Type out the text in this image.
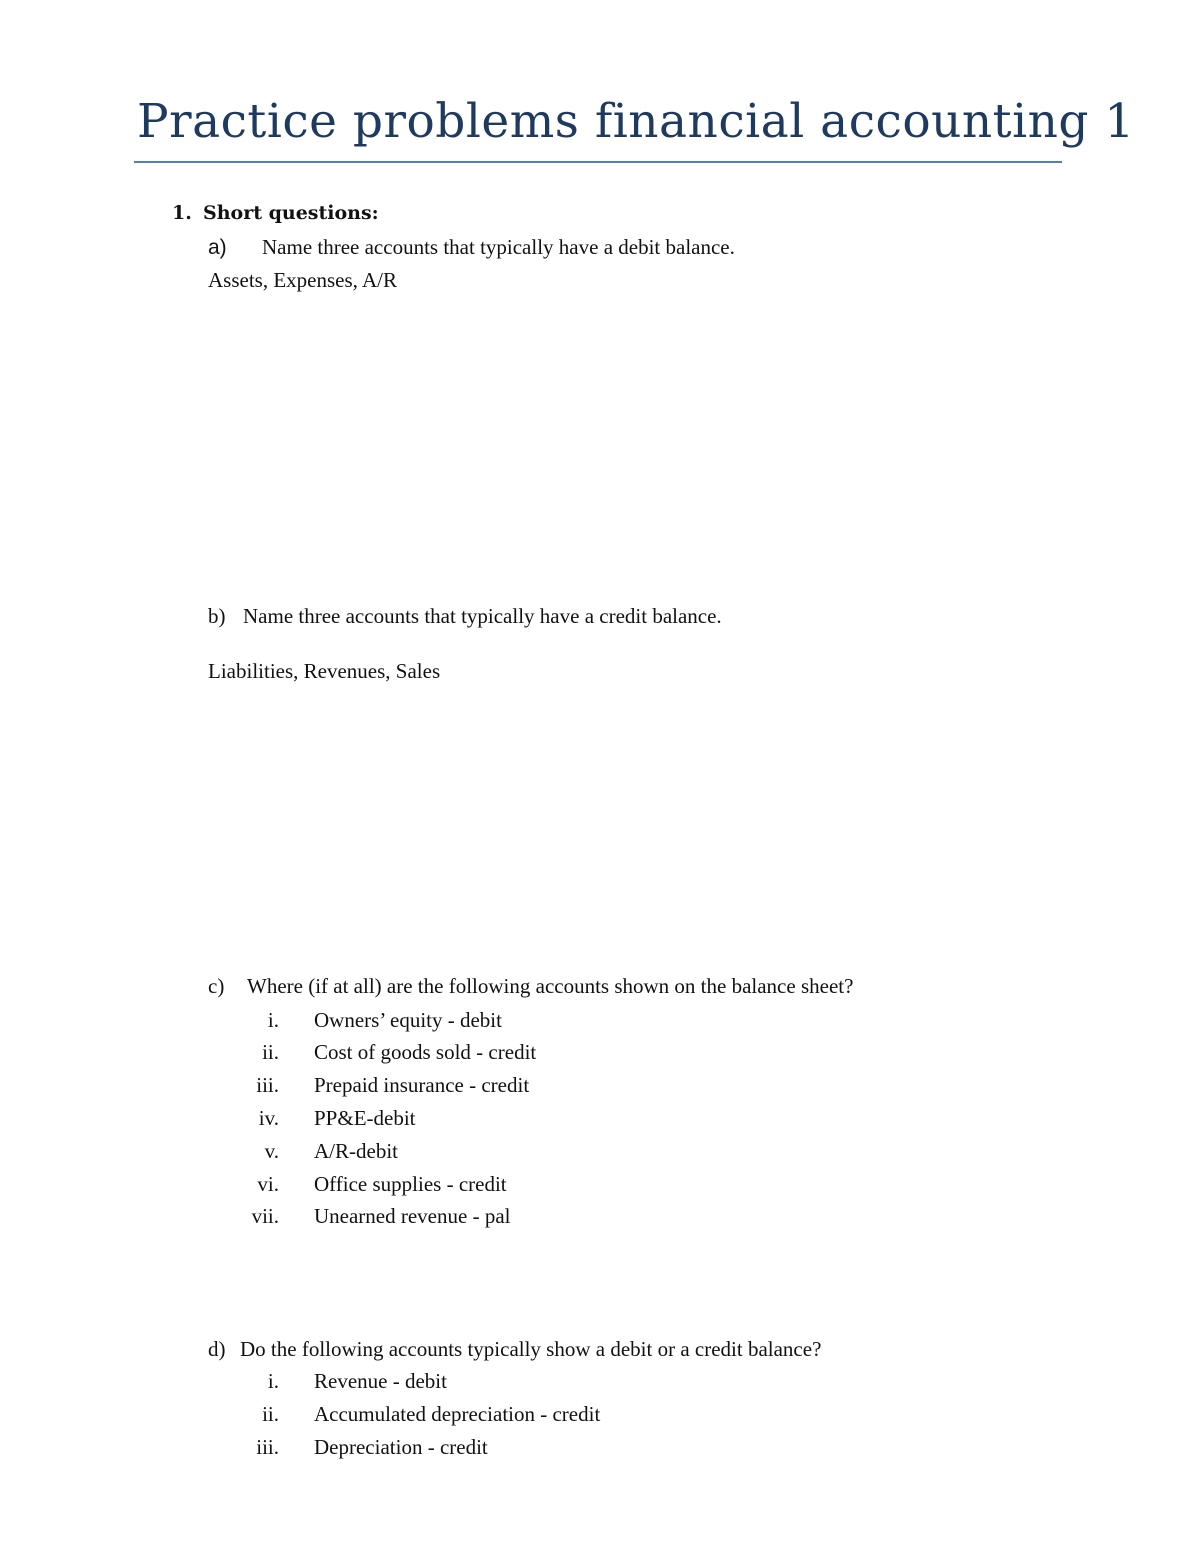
Practice problems financial accounting 1
1. Short questions:
a) Name three accounts that typically have a debit balance.
Assets, Expenses, A/R
b) Name three accounts that typically have a credit balance.
Liabilities, Revenues, Sales
c) Where (if at all) are the following accounts shown on the balance sheet?
i. Owners’ equity - debit
ii. Cost of goods sold - credit
iii. Prepaid insurance - credit
iv. PP&E-debit
v. A/R-debit
vi. Office supplies - credit
vii. Unearned revenue - pal
d) Do the following accounts typically show a debit or a credit balance?
i. Revenue - debit
ii. Accumulated depreciation - credit
iii. Depreciation - credit
